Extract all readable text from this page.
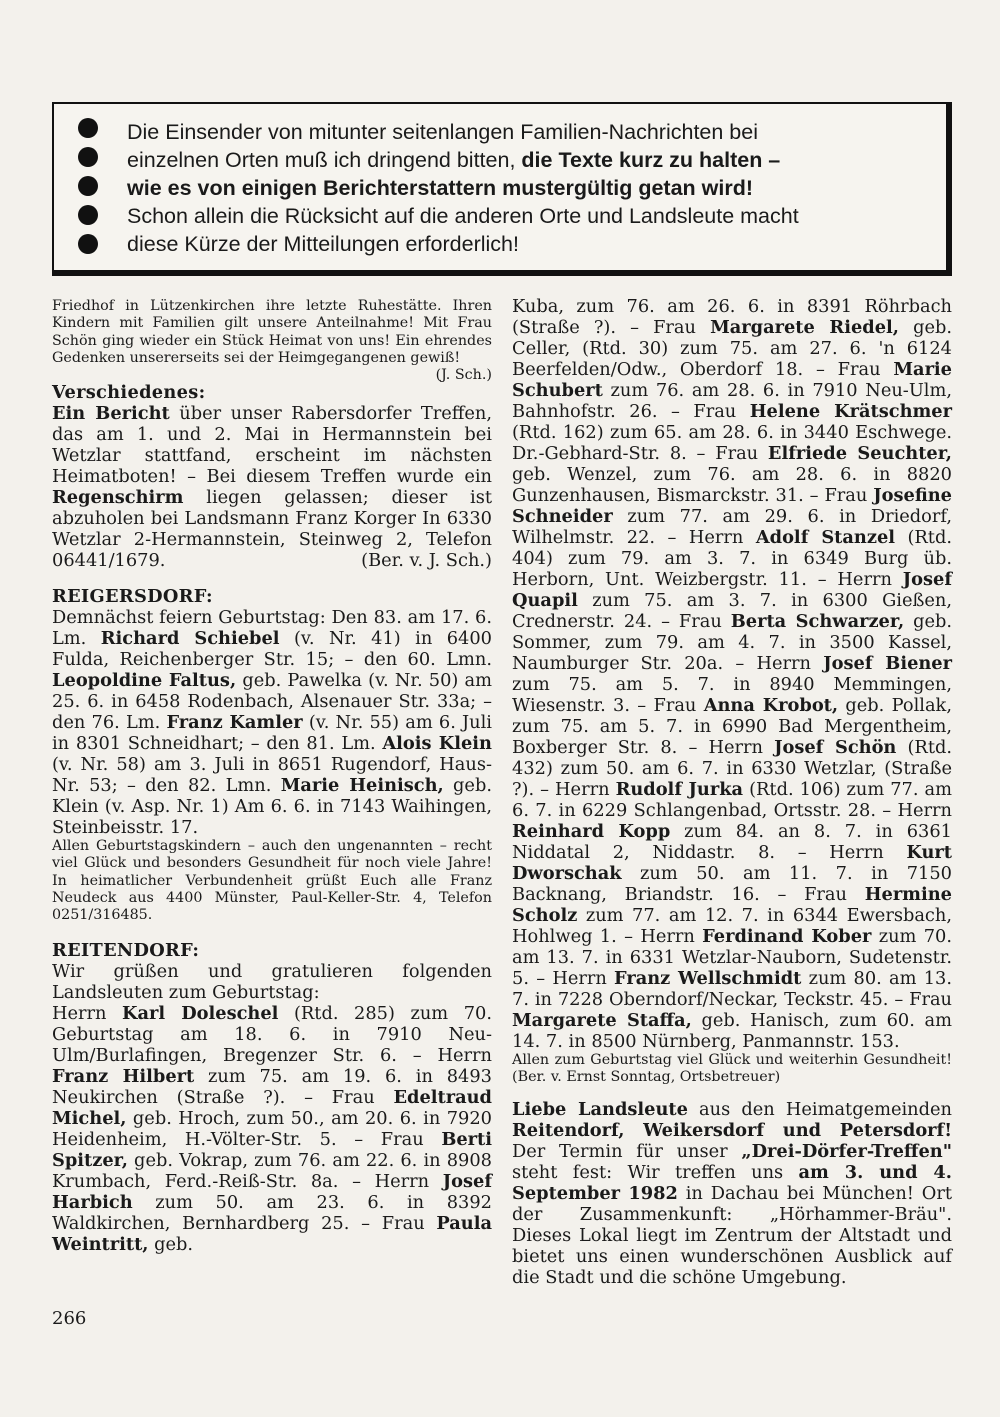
Die Einsender von mitunter seitenlangen Familien-Nachrichten bei
einzelnen Orten muß ich dringend bitten, die Texte kurz zu halten –
wie es von einigen Berichterstattern mustergültig getan wird!
Schon allein die Rücksicht auf die anderen Orte und Landsleute macht
diese Kürze der Mitteilungen erforderlich!

Friedhof in Lützenkirchen ihre letzte Ruhestätte. Ihren Kindern mit Familien gilt unsere Anteilnahme! Mit Frau Schön ging wieder ein Stück Heimat von uns! Ein ehrendes Gedenken unsererseits sei der Heimgegangenen gewiß!
(J. Sch.)

Verschiedenes:

Ein Bericht über unser Rabersdorfer Treffen, das am 1. und 2. Mai in Hermannstein bei Wetzlar stattfand, erscheint im nächsten Heimatboten! – Bei diesem Treffen wurde ein Regenschirm liegen gelassen; dieser ist abzuholen bei Landsmann Franz Korger In 6330 Wetzlar 2-Hermannstein, Steinweg 2, Telefon 06441/1679.	(Ber. v. J. Sch.)

REIGERSDORF:

Demnächst feiern Geburtstag: Den 83. am 17. 6. Lm. Richard Schiebel (v. Nr. 41) in 6400 Fulda, Reichenberger Str. 15; – den 60. Lmn. Leopoldine Faltus, geb. Pawelka (v. Nr. 50) am 25. 6. in 6458 Rodenbach, Alsenauer Str. 33a; – den 76. Lm. Franz Kamler (v. Nr. 55) am 6. Juli in 8301 Schneidhart; – den 81. Lm. Alois Klein (v. Nr. 58) am 3. Juli in 8651 Rugendorf, Haus-Nr. 53; – den 82. Lmn. Marie Heinisch, geb. Klein (v. Asp. Nr. 1) Am 6. 6. in 7143 Waihingen, Steinbeisstr. 17.

Allen Geburtstagskindern – auch den ungenannten – recht viel Glück und besonders Gesundheit für noch viele Jahre! In heimatlicher Verbundenheit grüßt Euch alle Franz Neudeck aus 4400 Münster, Paul-Keller-Str. 4, Telefon 0251/316485.

REITENDORF:

Wir grüßen und gratulieren folgenden Landsleuten zum Geburtstag:

Herrn Karl Doleschel (Rtd. 285) zum 70. Geburtstag am 18. 6. in 7910 Neu-Ulm/Burlafingen, Bregenzer Str. 6. – Herrn Franz Hilbert zum 75. am 19. 6. in 8493 Neukirchen (Straße ?). – Frau Edeltraud Michel, geb. Hroch, zum 50., am 20. 6. in 7920 Heidenheim, H.-Völter-Str. 5. – Frau Berti Spitzer, geb. Vokrap, zum 76. am 22. 6. in 8908 Krumbach, Ferd.-Reiß-Str. 8a. – Herrn Josef Harbich zum 50. am 23. 6. in 8392 Waldkirchen, Bernhardberg 25. – Frau Paula Weintritt, geb.

Kuba, zum 76. am 26. 6. in 8391 Röhrbach (Straße ?). – Frau Margarete Riedel, geb. Celler, (Rtd. 30) zum 75. am 27. 6. 'n 6124 Beerfelden/Odw., Oberdorf 18. – Frau Marie Schubert zum 76. am 28. 6. in 7910 Neu-Ulm, Bahnhofstr. 26. – Frau Helene Krätschmer (Rtd. 162) zum 65. am 28. 6. in 3440 Eschwege. Dr.-Gebhard-Str. 8. – Frau Elfriede Seuchter, geb. Wenzel, zum 76. am 28. 6. in 8820 Gunzenhausen, Bismarckstr. 31. – Frau Josefine Schneider zum 77. am 29. 6. in Driedorf, Wilhelmstr. 22. – Herrn Adolf Stanzel (Rtd. 404) zum 79. am 3. 7. in 6349 Burg üb. Herborn, Unt. Weizbergstr. 11. – Herrn Josef Quapil zum 75. am 3. 7. in 6300 Gießen, Crednerstr. 24. – Frau Berta Schwarzer, geb. Sommer, zum 79. am 4. 7. in 3500 Kassel, Naumburger Str. 20a. – Herrn Josef Biener zum 75. am 5. 7. in 8940 Memmingen, Wiesenstr. 3. – Frau Anna Krobot, geb. Pollak, zum 75. am 5. 7. in 6990 Bad Mergentheim, Boxberger Str. 8. – Herrn Josef Schön (Rtd. 432) zum 50. am 6. 7. in 6330 Wetzlar, (Straße ?). – Herrn Rudolf Jurka (Rtd. 106) zum 77. am 6. 7. in 6229 Schlangenbad, Ortsstr. 28. – Herrn Reinhard Kopp zum 84. an 8. 7. in 6361 Niddatal 2, Niddastr. 8. – Herrn Kurt Dworschak zum 50. am 11. 7. in 7150 Backnang, Briandstr. 16. – Frau Hermine Scholz zum 77. am 12. 7. in 6344 Ewersbach, Hohlweg 1. – Herrn Ferdinand Kober zum 70. am 13. 7. in 6331 Wetzlar-Nauborn, Sudetenstr. 5. – Herrn Franz Wellschmidt zum 80. am 13. 7. in 7228 Oberndorf/Neckar, Teckstr. 45. – Frau Margarete Staffa, geb. Hanisch, zum 60. am 14. 7. in 8500 Nürnberg, Panmannstr. 153.

Allen zum Geburtstag viel Glück und weiterhin Gesundheit! (Ber. v. Ernst Sonntag, Ortsbetreuer)

Liebe Landsleute aus den Heimatgemeinden Reitendorf, Weikersdorf und Petersdorf! Der Termin für unser „Drei-Dörfer-Treffen" steht fest: Wir treffen uns am 3. und 4. September 1982 in Dachau bei München! Ort der Zusammenkunft: „Hörhammer-Bräu". Dieses Lokal liegt im Zentrum der Altstadt und bietet uns einen wunderschönen Ausblick auf die Stadt und die schöne Umgebung.

266
